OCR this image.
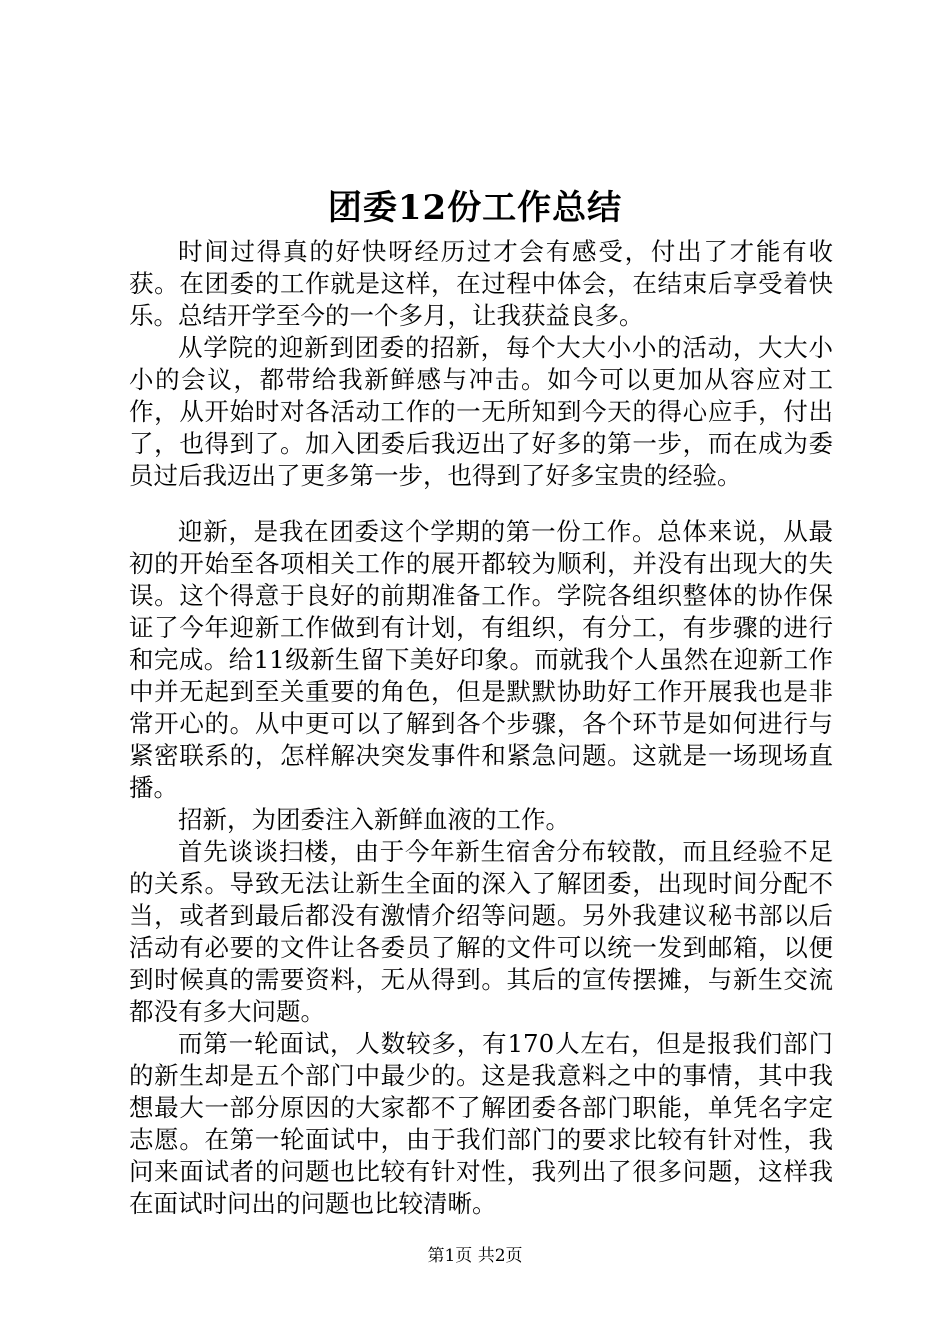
团委12份工作总结

时间过得真的好快呀经历过才会有感受，付出了才能有收获。在团委的工作就是这样，在过程中体会，在结束后享受着快乐。总结开学至今的一个多月，让我获益良多。

从学院的迎新到团委的招新，每个大大小小的活动，大大小小的会议，都带给我新鲜感与冲击。如今可以更加从容应对工作，从开始时对各活动工作的一无所知到今天的得心应手，付出了，也得到了。加入团委后我迈出了好多的第一步，而在成为委员过后我迈出了更多第一步，也得到了好多宝贵的经验。

迎新，是我在团委这个学期的第一份工作。总体来说，从最初的开始至各项相关工作的展开都较为顺利，并没有出现大的失误。这个得意于良好的前期准备工作。学院各组织整体的协作保证了今年迎新工作做到有计划，有组织，有分工，有步骤的进行和完成。给11级新生留下美好印象。而就我个人虽然在迎新工作中并无起到至关重要的角色，但是默默协助好工作开展我也是非常开心的。从中更可以了解到各个步骤，各个环节是如何进行与紧密联系的，怎样解决突发事件和紧急问题。这就是一场现场直播。

招新，为团委注入新鲜血液的工作。

首先谈谈扫楼，由于今年新生宿舍分布较散，而且经验不足的关系。导致无法让新生全面的深入了解团委，出现时间分配不当，或者到最后都没有激情介绍等问题。另外我建议秘书部以后活动有必要的文件让各委员了解的文件可以统一发到邮箱，以便到时候真的需要资料，无从得到。其后的宣传摆摊，与新生交流都没有多大问题。

而第一轮面试，人数较多，有170人左右，但是报我们部门的新生却是五个部门中最少的。这是我意料之中的事情，其中我想最大一部分原因的大家都不了解团委各部门职能，单凭名字定志愿。在第一轮面试中，由于我们部门的要求比较有针对性，我问来面试者的问题也比较有针对性，我列出了很多问题，这样我在面试时问出的问题也比较清晰。

第1页 共2页
